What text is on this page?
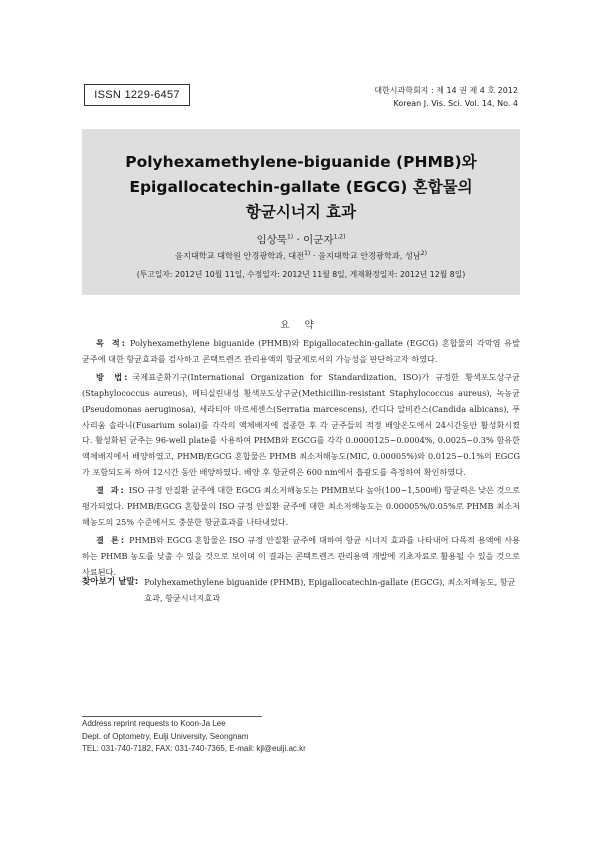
ISSN 1229-6457	대한시과학회지 : 제 14 권 제 4 호 2012
Korean J. Vis. Sci. Vol. 14, No. 4
Polyhexamethylene-biguanide (PHMB)와
Epigallocatechin-gallate (EGCG) 혼합물의
항균시너지 효과
임상묵$^{1)}$ · 이군자$^{1,2)}$
을지대학교 대학원 안경광학과, 대전$^{1)}$ · 을지대학교 안경광학과, 성남$^{2)}$
(투고일자: 2012년 10월 11일, 수정일자: 2012년 11월 8일, 게재확정일자: 2012년 12월 8일)
요 약

목 적: Polyhexamethylene biguanide (PHMB)와 Epigallocatechin-gallate (EGCG) 혼합물의 각막염 유발 균주에 대한 항균효과를 검사하고 콘택트렌즈 관리용액의 항균제로서의 가능성을 판단하고자 하였다.

방 법: 국제표준화기구(International Organization for Standardization, ISO)가 규정한 황색포도상구균(Staphylococcus aureus), 메티실린내성 황색포도상구균(Methicillin-resistant Staphylococcus aureus), 녹농균(Pseudomonas aeruginosa), 세라티아 마르세센스(Serratia marcescens), 칸디다 알비칸스(Candida albicans), 푸사리움 솔라니(Fusarium solai)를 각각의 액체배지에 접종한 후 각 균주들의 적정 배양온도에서 24시간동안 활성화시켰다. 활성화된 균주는 96-well plate를 사용하여 PHMB와 EGCG를 각각 0.0000125~0.0004%, 0.0025~0.3% 함유한 액체배지에서 배양하였고, PHMB/EGCG 혼합물은 PHMB 최소저해농도(MIC, 0.00005%)와 0.0125~0.1%의 EGCG가 포함되도록 하여 12시간 동안 배양하였다. 배양 후 항균력은 600 nm에서 흡광도를 측정하여 확인하였다.

결 과: ISO 규정 안질환 균주에 대한 EGCG 최소저해농도는 PHMB보다 높아(100~1,500배) 항균력은 낮은 것으로 평가되었다. PHMB/EGCG 혼합물의 ISO 규정 안질환 균주에 대한 최소저해농도는 0.00005%/0.05%로 PHMB 최소저해농도의 25% 수준에서도 충분한 항균효과를 나타내었다.

결 론: PHMB와 EGCG 혼합물은 ISO 규정 안질환 균주에 대하여 항균 시너지 효과를 나타내어 다목적 용액에 사용하는 PHMB 농도를 낮출 수 있을 것으로 보이며 이 결과는 콘택트렌즈 관리용액 개발에 기초자료로 활용될 수 있을 것으로 사료된다.

찾아보기 낱말: Polyhexamethylene biguanide (PHMB), Epigallocatechin-gallate (EGCG), 최소저해농도, 항균효과, 항균시너지효과
Address reprint requests to Koon-Ja Lee
Dept. of Optometry, Eulji University, Seongnam
TEL: 031-740-7182, FAX: 031-740-7365, E-mail: kjl@eulji.ac.kr
